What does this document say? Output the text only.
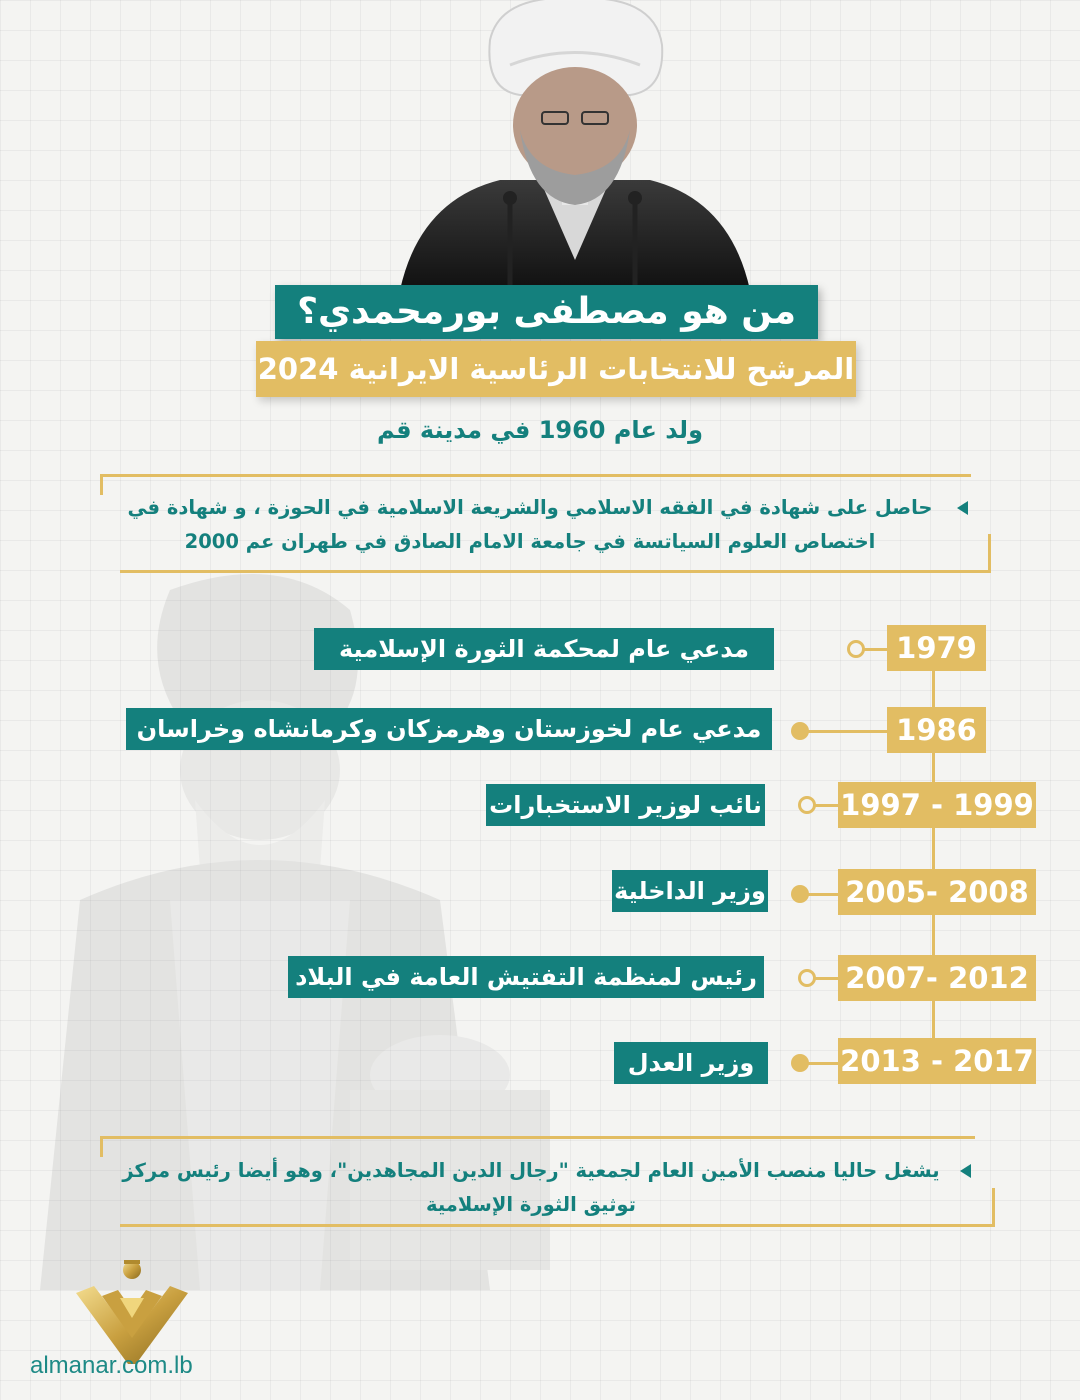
من هو مصطفى بورمحمدي؟
المرشح للانتخابات الرئاسية الايرانية 2024
ولد عام 1960 في مدينة قم
حاصل على شهادة في الفقه الاسلامي والشريعة الاسلامية في الحوزة ، و شهادة في
اختصاص العلوم السياتسة في جامعة الامام الصادق في طهران عم 2000
1979
مدعي عام لمحكمة الثورة الإسلامية
1986
مدعي عام لخوزستان وهرمزكان وكرمانشاه وخراسان
1997 - 1999
نائب لوزير الاستخبارات
2005- 2008
وزير الداخلية
2007- 2012
رئيس لمنظمة التفتيش العامة في البلاد
2013 - 2017
وزير العدل
يشغل حاليا منصب الأمين العام لجمعية "رجال الدين المجاهدين"، وهو أيضا رئيس مركز
توثيق الثورة الإسلامية
almanar.com.lb
